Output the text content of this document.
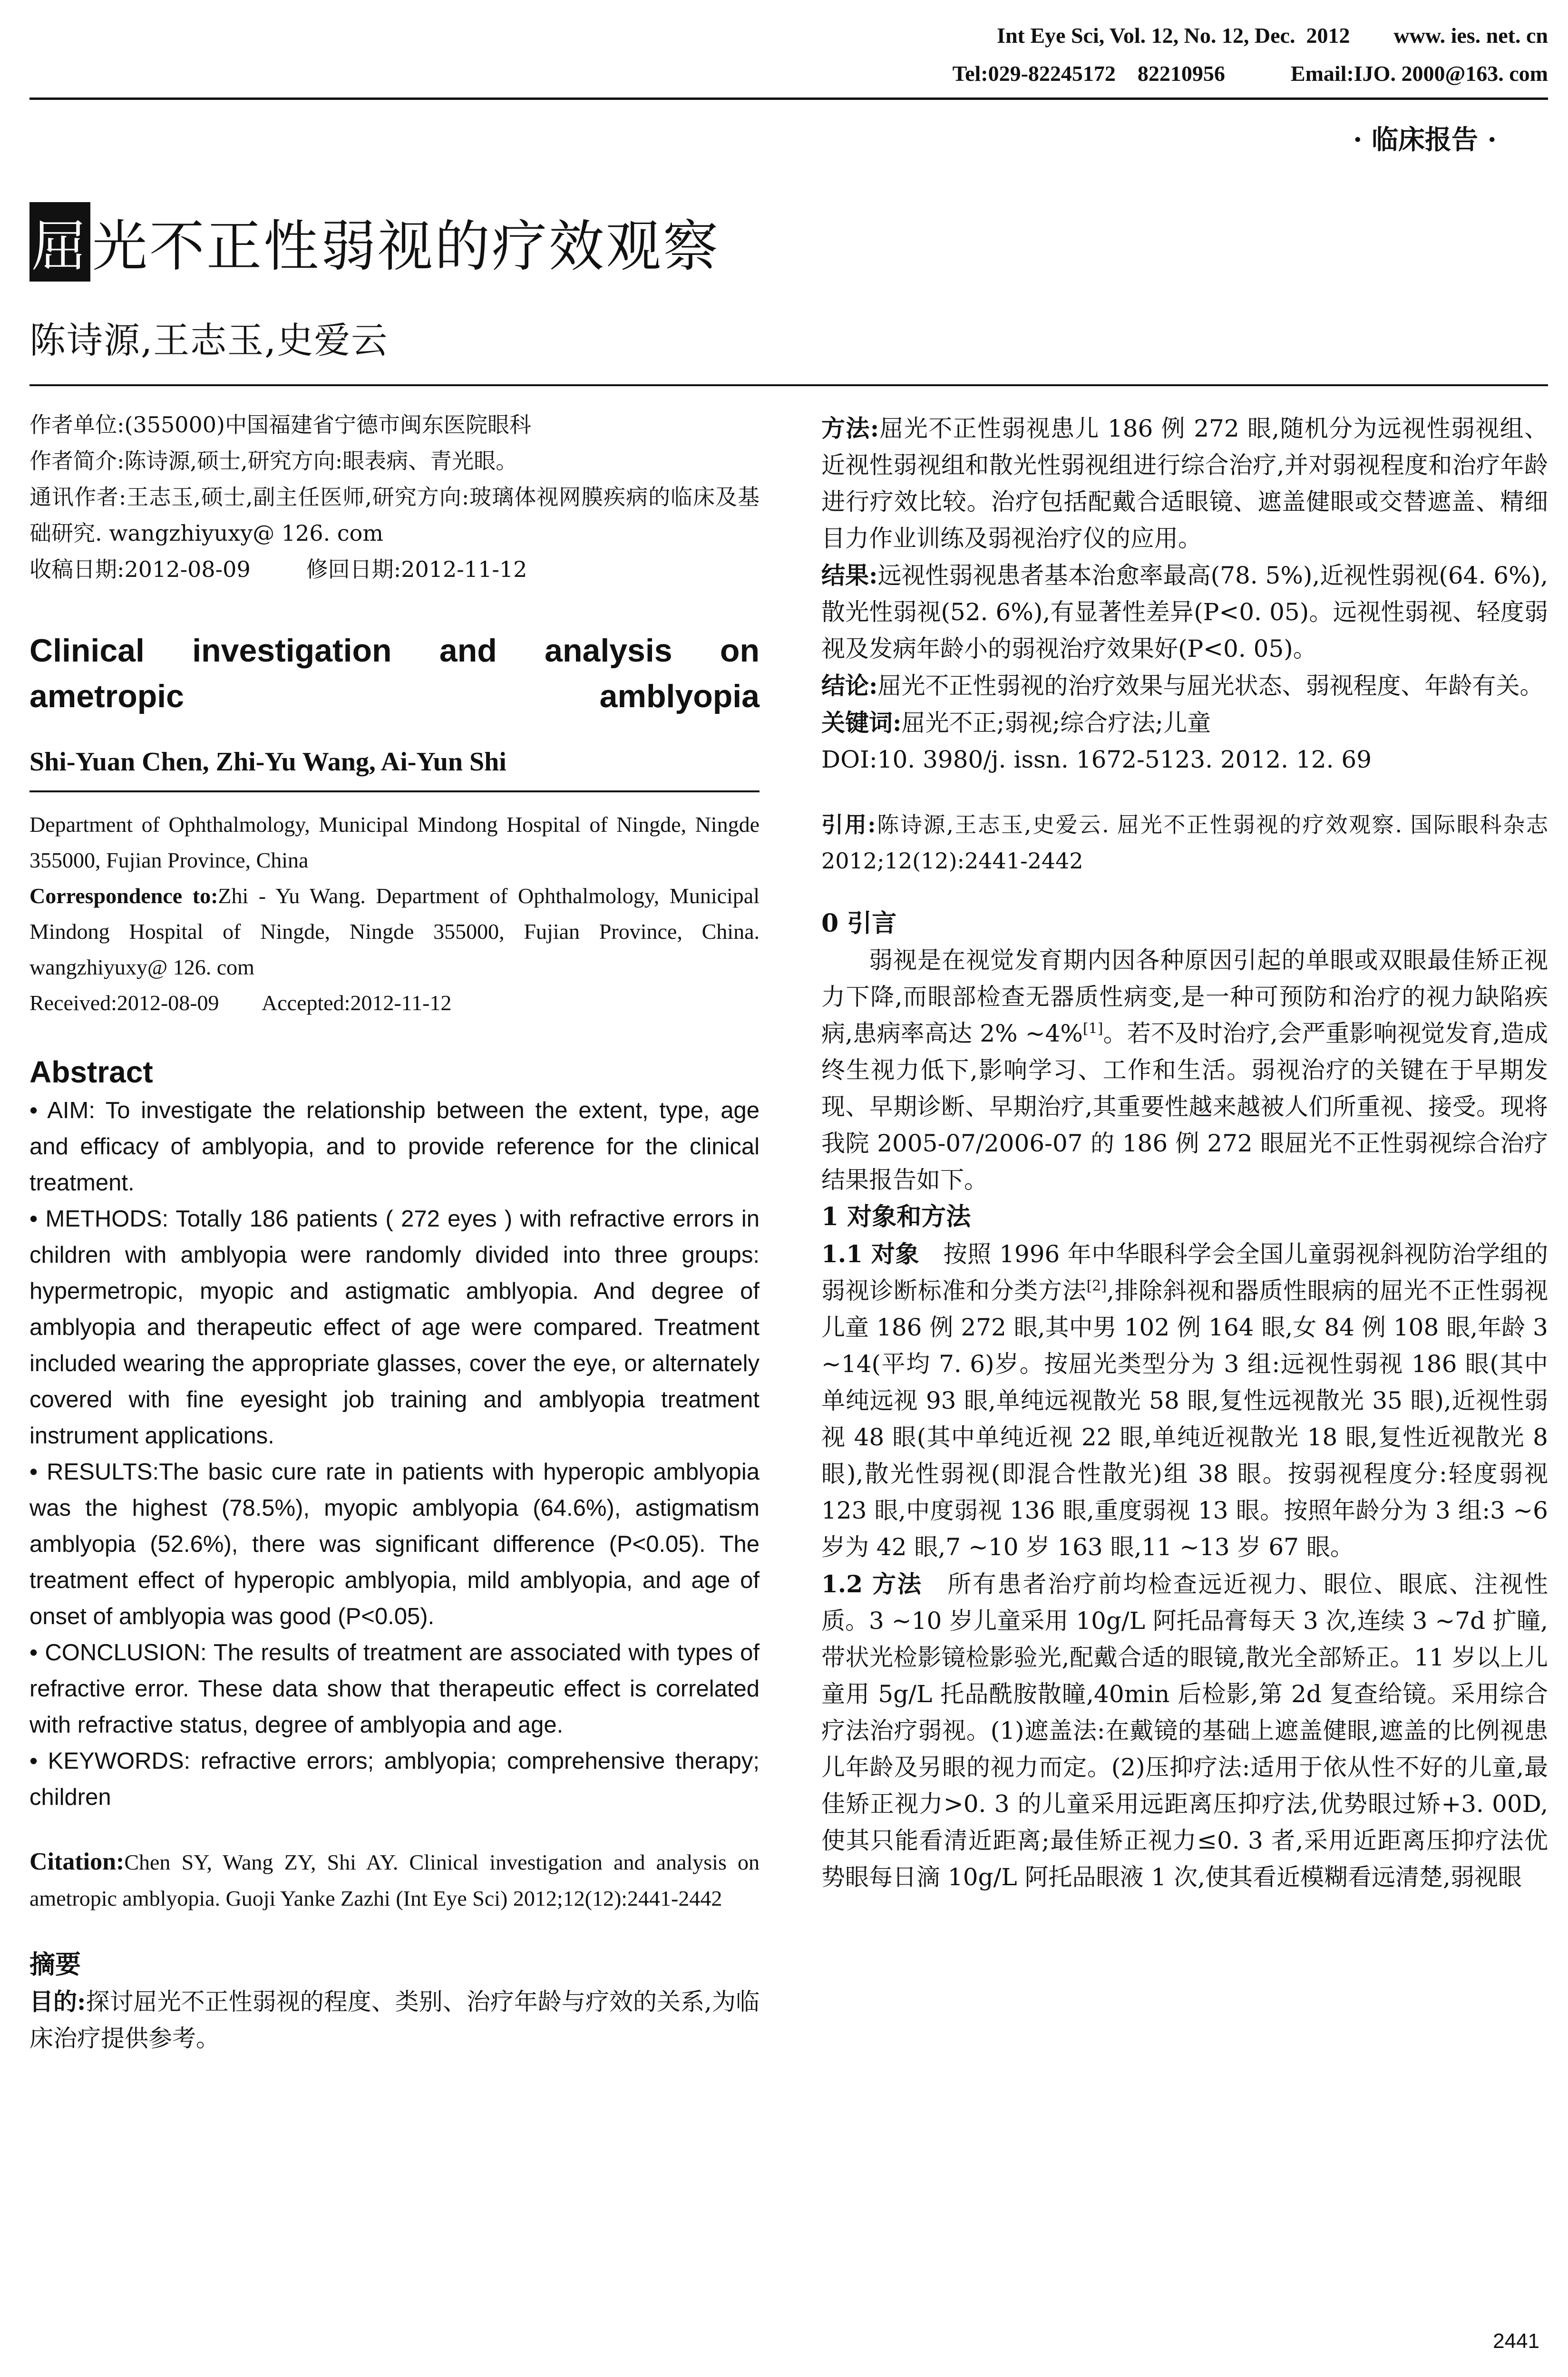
Int Eye Sci, Vol. 12, No. 12, Dec.  2012 www. ies. net. cn
Tel:029-82245172    82210956	Email:IJO. 2000@163. com
· 临床报告 ·
屈光不正性弱视的疗效观察
陈诗源,王志玉,史爱云
作者单位:(355000)中国福建省宁德市闽东医院眼科
作者简介:陈诗源,硕士,研究方向:眼表病、青光眼。
通讯作者:王志玉,硕士,副主任医师,研究方向:玻璃体视网膜疾病的临床及基础研究. wangzhiyuxy@ 126. com
收稿日期:2012-08-09        修回日期:2012-11-12
Clinical investigation and analysis on ametropic amblyopia
Shi-Yuan Chen, Zhi-Yu Wang, Ai-Yun Shi
Department of Ophthalmology, Municipal Mindong Hospital of Ningde, Ningde 355000, Fujian Province, China
Correspondence to:Zhi - Yu Wang. Department of Ophthalmology, Municipal Mindong Hospital of Ningde, Ningde 355000, Fujian Province, China. wangzhiyuxy@ 126. com
Received:2012-08-09        Accepted:2012-11-12
Abstract
• AIM: To investigate the relationship between the extent, type, age and efficacy of amblyopia, and to provide reference for the clinical treatment.
• METHODS: Totally 186 patients ( 272 eyes ) with refractive errors in children with amblyopia were randomly divided into three groups: hypermetropic, myopic and astigmatic amblyopia. And degree of amblyopia and therapeutic effect of age were compared. Treatment included wearing the appropriate glasses, cover the eye, or alternately covered with fine eyesight job training and amblyopia treatment instrument applications.
• RESULTS:The basic cure rate in patients with hyperopic amblyopia was the highest (78.5%), myopic amblyopia (64.6%), astigmatism amblyopia (52.6%), there was significant difference (P<0.05). The treatment effect of hyperopic amblyopia, mild amblyopia, and age of onset of amblyopia was good (P<0.05).
• CONCLUSION: The results of treatment are associated with types of refractive error. These data show that therapeutic effect is correlated with refractive status, degree of amblyopia and age.
• KEYWORDS: refractive errors; amblyopia; comprehensive therapy; children
Citation:Chen SY, Wang ZY, Shi AY. Clinical investigation and analysis on ametropic amblyopia. Guoji Yanke Zazhi (Int Eye Sci) 2012;12(12):2441-2442
摘要
目的:探讨屈光不正性弱视的程度、类别、治疗年龄与疗效的关系,为临床治疗提供参考。
方法:屈光不正性弱视患儿 186 例 272 眼,随机分为远视性弱视组、近视性弱视组和散光性弱视组进行综合治疗,并对弱视程度和治疗年龄进行疗效比较。治疗包括配戴合适眼镜、遮盖健眼或交替遮盖、精细目力作业训练及弱视治疗仪的应用。
结果:远视性弱视患者基本治愈率最高(78. 5%),近视性弱视(64. 6%),散光性弱视(52. 6%),有显著性差异(P<0. 05)。远视性弱视、轻度弱视及发病年龄小的弱视治疗效果好(P<0. 05)。
结论:屈光不正性弱视的治疗效果与屈光状态、弱视程度、年龄有关。
关键词:屈光不正;弱视;综合疗法;儿童
DOI:10. 3980/j. issn. 1672-5123. 2012. 12. 69
引用:陈诗源,王志玉,史爱云. 屈光不正性弱视的疗效观察. 国际眼科杂志 2012;12(12):2441-2442
0 引言
弱视是在视觉发育期内因各种原因引起的单眼或双眼最佳矫正视力下降,而眼部检查无器质性病变,是一种可预防和治疗的视力缺陷疾病,患病率高达 2% ~4%[1]。若不及时治疗,会严重影响视觉发育,造成终生视力低下,影响学习、工作和生活。弱视治疗的关键在于早期发现、早期诊断、早期治疗,其重要性越来越被人们所重视、接受。现将我院 2005-07/2006-07 的 186 例 272 眼屈光不正性弱视综合治疗结果报告如下。
1 对象和方法
1.1 对象　 按照 1996 年中华眼科学会全国儿童弱视斜视防治学组的弱视诊断标准和分类方法[2],排除斜视和器质性眼病的屈光不正性弱视儿童 186 例 272 眼,其中男 102 例 164 眼,女 84 例 108 眼,年龄 3 ~14(平均 7. 6)岁。按屈光类型分为 3 组:远视性弱视 186 眼(其中单纯远视 93 眼,单纯远视散光 58 眼,复性远视散光 35 眼),近视性弱视 48 眼(其中单纯近视 22 眼,单纯近视散光 18 眼,复性近视散光 8 眼),散光性弱视(即混合性散光)组 38 眼。按弱视程度分:轻度弱视 123 眼,中度弱视 136 眼,重度弱视 13 眼。按照年龄分为 3 组:3 ~6 岁为 42 眼,7 ~10 岁 163 眼,11 ~13 岁 67 眼。
1.2 方法　 所有患者治疗前均检查远近视力、眼位、眼底、注视性质。3 ~10 岁儿童采用 10g/L 阿托品膏每天 3 次,连续 3 ~7d 扩瞳,带状光检影镜检影验光,配戴合适的眼镜,散光全部矫正。11 岁以上儿童用 5g/L 托品酰胺散瞳,40min 后检影,第 2d 复查给镜。采用综合疗法治疗弱视。(1)遮盖法:在戴镜的基础上遮盖健眼,遮盖的比例视患儿年龄及另眼的视力而定。(2)压抑疗法:适用于依从性不好的儿童,最佳矫正视力>0. 3 的儿童采用远距离压抑疗法,优势眼过矫+3. 00D,使其只能看清近距离;最佳矫正视力≤0. 3 者,采用近距离压抑疗法优势眼每日滴 10g/L 阿托品眼液 1 次,使其看近模糊看远清楚,弱视眼
2441
